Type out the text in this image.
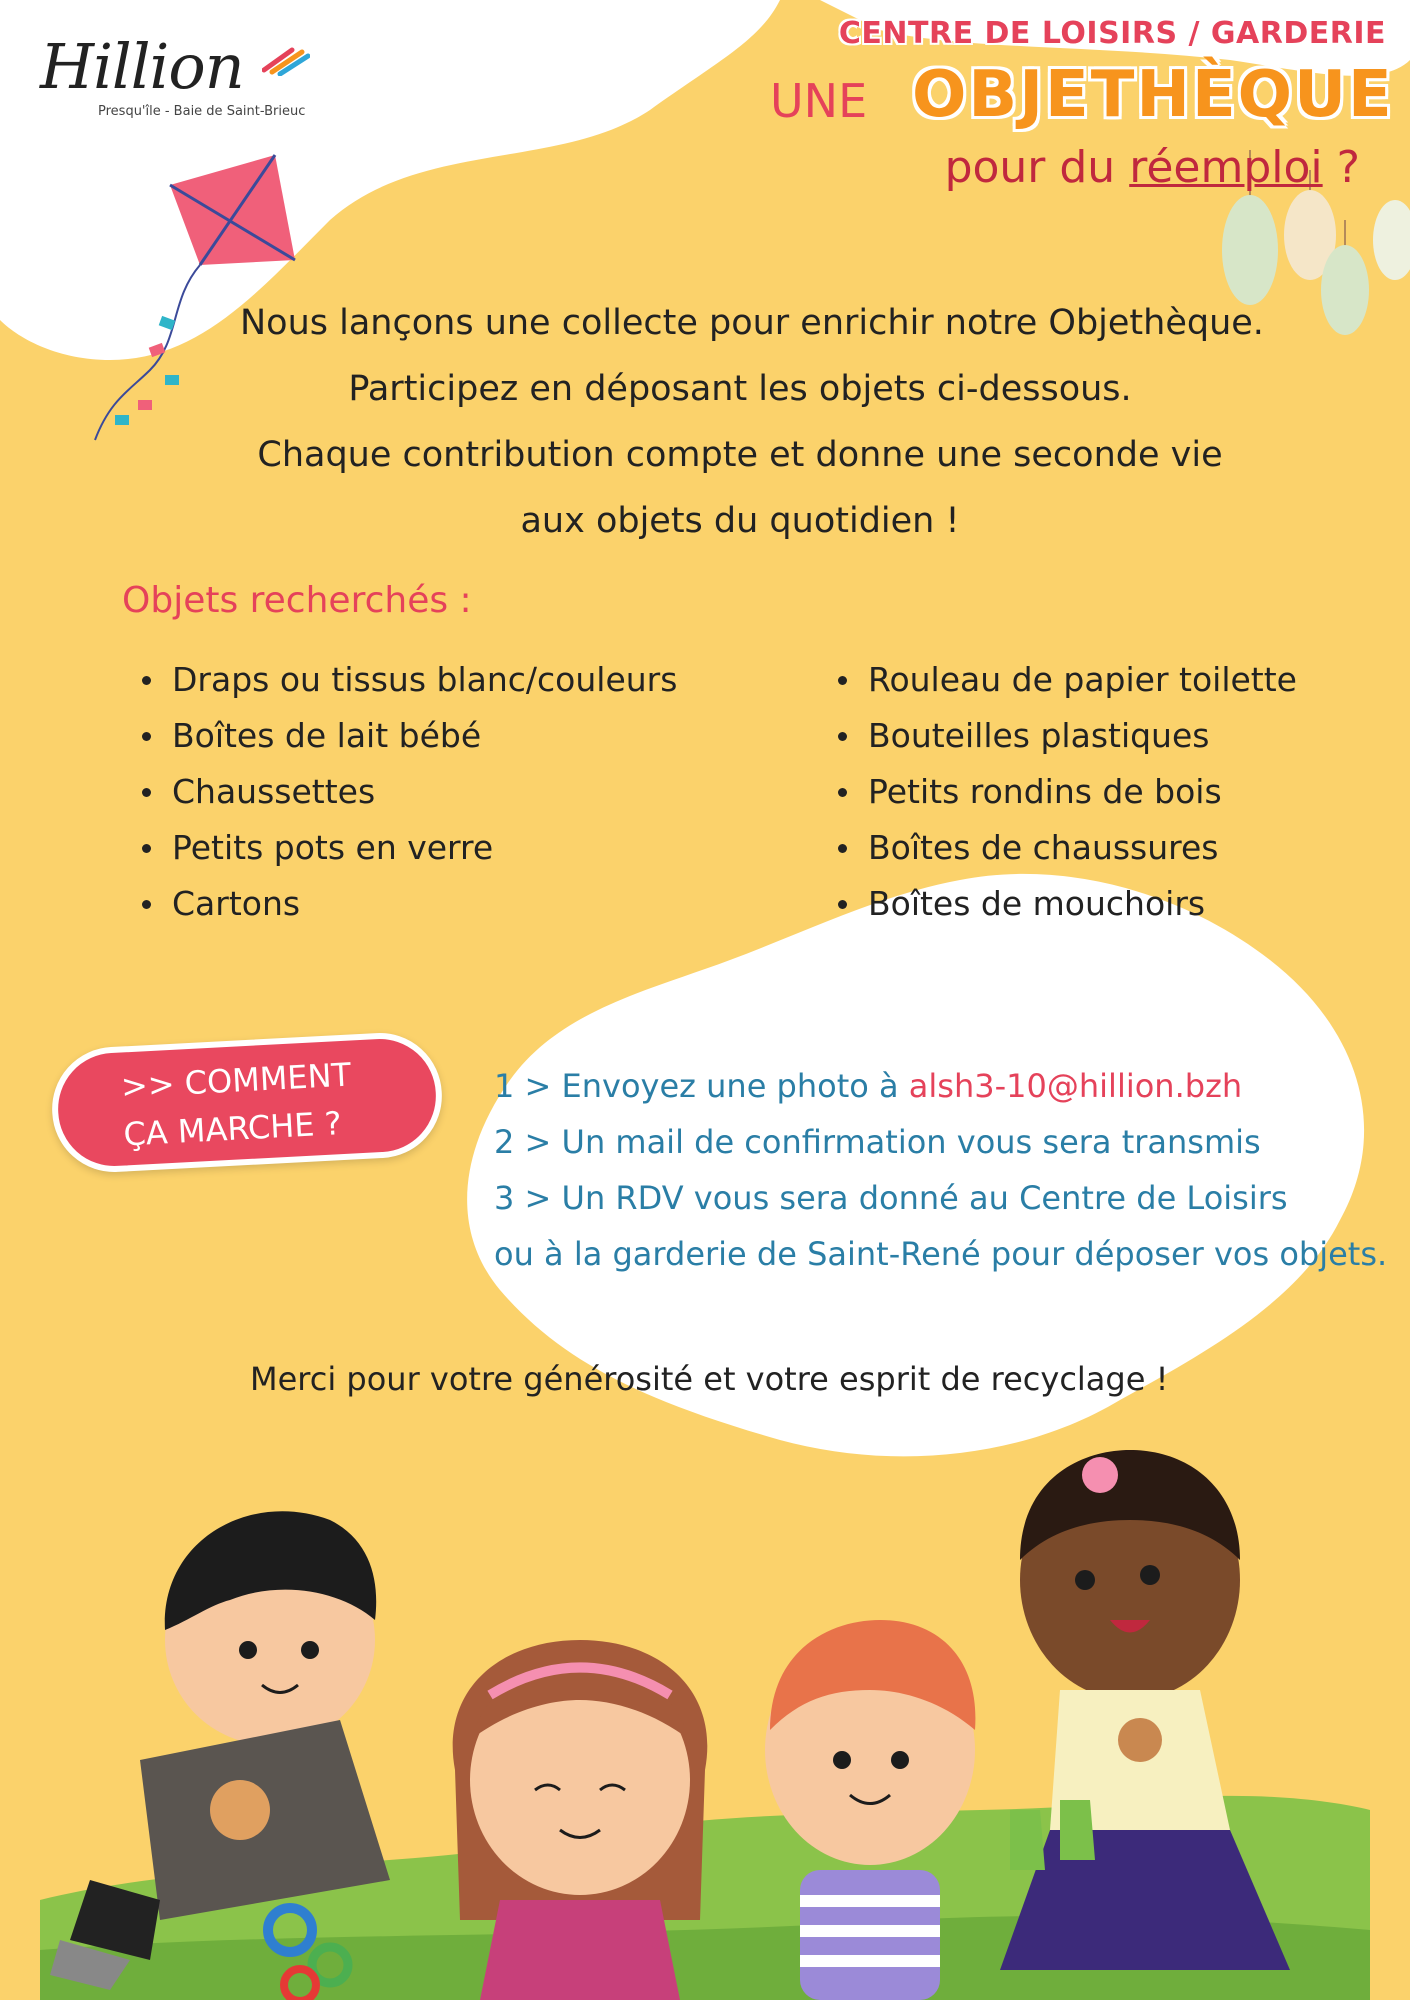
Hillion
Presqu'île - Baie de Saint-Brieuc
CENTRE DE LOISIRS / GARDERIE
UNE OBJETHÈQUE
pour du réemploi ?
Nous lançons une collecte pour enrichir notre Objethèque.
Participez en déposant les objets ci-dessous.
Chaque contribution compte et donne une seconde vie
aux objets du quotidien !
Objets recherchés :
Draps ou tissus blanc/couleurs
Boîtes de lait bébé
Chaussettes
Petits pots en verre
Cartons
Rouleau de papier toilette
Bouteilles plastiques
Petits rondins de bois
Boîtes de chaussures
Boîtes de mouchoirs
>> COMMENT
ÇA MARCHE ?
1 > Envoyez une photo à alsh3-10@hillion.bzh
2 > Un mail de confirmation vous sera transmis
3 > Un RDV vous sera donné au Centre de Loisirs
ou à la garderie de Saint-René pour déposer vos objets.
Merci pour votre générosité et votre esprit de recyclage !
